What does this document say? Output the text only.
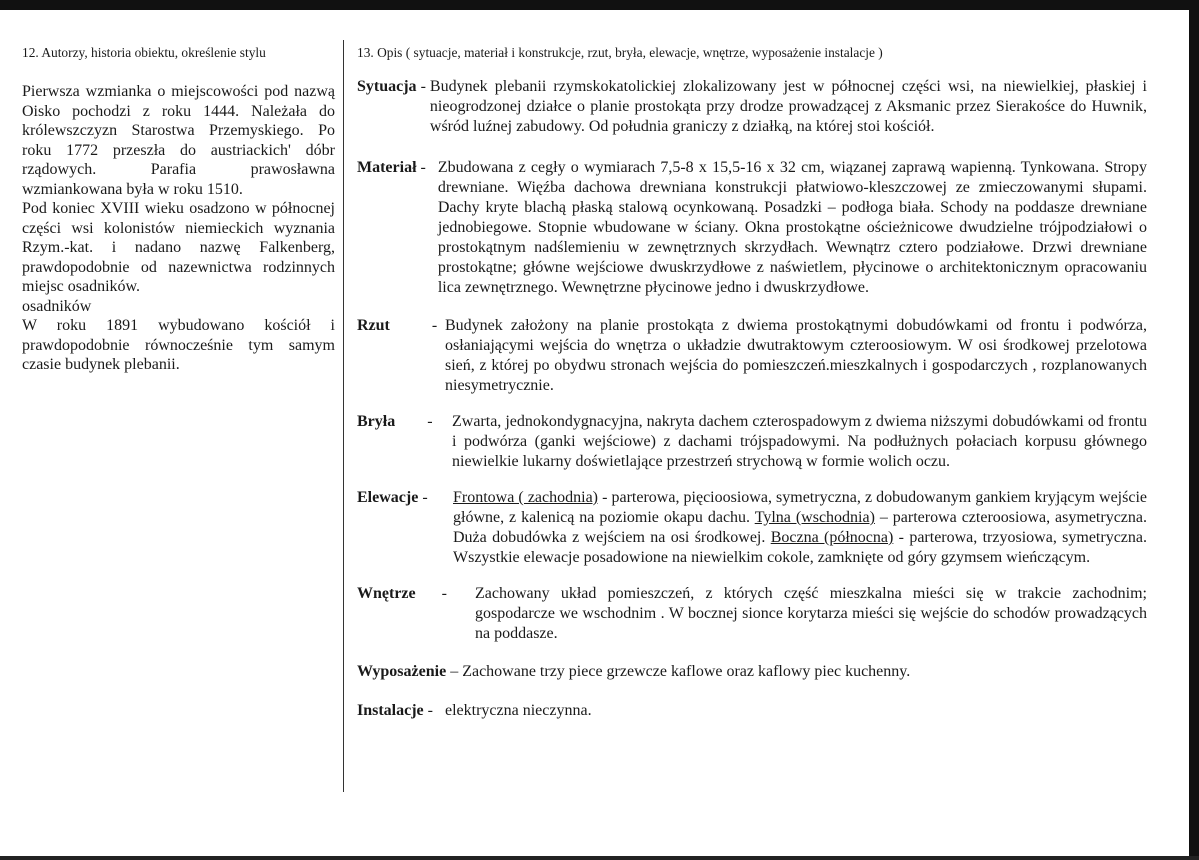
12. Autorzy, historia obiektu, określenie stylu

Pierwsza wzmianka o miejscowości pod nazwą Oisko pochodzi z roku 1444. Należała do królewszczyzn Starostwa Przemyskiego. Po roku 1772 przeszła do austriackich' dóbr rządowych. Parafia prawosławna wzmiankowana była w roku 1510.

Pod koniec XVIII wieku osadzono w północnej części wsi kolonistów niemieckich wyznania Rzym.-kat. i nadano nazwę Falkenberg, prawdopodobnie od nazewnictwa rodzinnych miejsc osadników.

osadników

W roku 1891 wybudowano kościół i prawdopodobnie równocześnie tym samym czasie budynek plebanii.

13. Opis ( sytuacje, materiał i konstrukcje, rzut, bryła, elewacje, wnętrze, wyposażenie instalacje )

Sytuacja - Budynek plebanii rzymskokatolickiej zlokalizowany jest w północnej części wsi, na niewielkiej, płaskiej i nieogrodzonej działce o planie prostokąta przy drodze prowadzącej z Aksmanic przez Sierakośce do Huwnik, wśród luźnej zabudowy. Od południa graniczy z działką, na której stoi kościół.
Materiał - Zbudowana z cegły o wymiarach 7,5-8 x 15,5-16 x 32 cm, wiązanej zaprawą wapienną. Tynkowana. Stropy drewniane. Więźba dachowa drewniana konstrukcji płatwiowo-kleszczowej ze zmieczowanymi słupami. Dachy kryte blachą płaską stalową ocynkowaną. Posadzki – podłoga biała. Schody na poddasze drewniane jednobiegowe. Stopnie wbudowane w ściany. Okna prostokątne ościeżnicowe dwudzielne trójpodziałowi o prostokątnym nadślemieniu w zewnętrznych skrzydłach. Wewnątrz cztero podziałowe. Drzwi drewniane prostokątne; główne wejściowe dwuskrzydłowe z naświetlem, płycinowe o architektonicznym opracowaniu lica zewnętrznego. Wewnętrzne płycinowe jedno i dwuskrzydłowe.
Rzut - Budynek założony na planie prostokąta z dwiema prostokątnymi dobudówkami od frontu i podwórza, osłaniającymi wejścia do wnętrza o układzie dwutraktowym czteroosiowym. W osi środkowej przelotowa sień, z której po obydwu stronach wejścia do pomieszczeń.mieszkalnych i gospodarczych , rozplanowanych niesymetrycznie.
Bryła - Zwarta, jednokondygnacyjna, nakryta dachem czterospadowym z dwiema niższymi dobudówkami od frontu i podwórza (ganki wejściowe) z dachami trójspadowymi. Na podłużnych połaciach korpusu głównego niewielkie lukarny doświetlające przestrzeń strychową w formie wolich oczu.
Elewacje -	Frontowa ( zachodnia) - parterowa, pięcioosiowa, symetryczna, z dobudowanym gankiem kryjącym wejście główne, z kalenicą na poziomie okapu dachu. Tylna (wschodnia) – parterowa czteroosiowa, asymetryczna. Duża dobudówka z wejściem na osi środkowej. Boczna (północna) - parterowa, trzyosiowa, symetryczna. Wszystkie elewacje posadowione na niewielkim cokole, zamknięte od góry gzymsem wieńczącym.
Wnętrze -	Zachowany układ pomieszczeń, z których część mieszkalna mieści się w trakcie zachodnim; gospodarcze we wschodnim . W bocznej sionce korytarza mieści się wejście do schodów prowadzących na poddasze.
Wyposażenie – Zachowane trzy piece grzewcze kaflowe oraz kaflowy piec kuchenny.
Instalacje -   elektryczna nieczynna.
